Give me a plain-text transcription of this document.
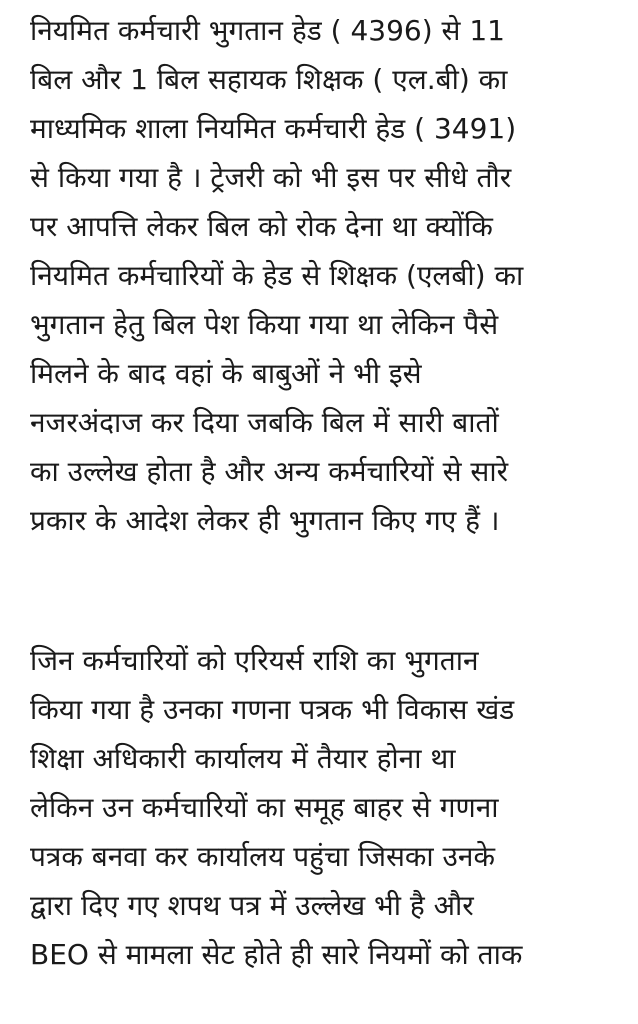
नियमित कर्मचारी भुगतान हेड ( 4396) से 11
बिल और 1 बिल सहायक शिक्षक ( एल.बी) का
माध्यमिक शाला नियमित कर्मचारी हेड ( 3491)
से किया गया है । ट्रेजरी को भी इस पर सीधे तौर
पर आपत्ति लेकर बिल को रोक देना था क्योंकि
नियमित कर्मचारियों के हेड से शिक्षक (एलबी) का
भुगतान हेतु बिल पेश किया गया था लेकिन पैसे
मिलने के बाद वहां के बाबुओं ने भी इसे
नजरअंदाज कर दिया जबकि बिल में सारी बातों
का उल्लेख होता है और अन्य कर्मचारियों से सारे
प्रकार के आदेश लेकर ही भुगतान किए गए हैं ।
जिन कर्मचारियों को एरियर्स राशि का भुगतान
किया गया है उनका गणना पत्रक भी विकास खंड
शिक्षा अधिकारी कार्यालय में तैयार होना था
लेकिन उन कर्मचारियों का समूह बाहर से गणना
पत्रक बनवा कर कार्यालय पहुंचा जिसका उनके
द्वारा दिए गए शपथ पत्र में उल्लेख भी है और
BEO से मामला सेट होते ही सारे नियमों को ताक
